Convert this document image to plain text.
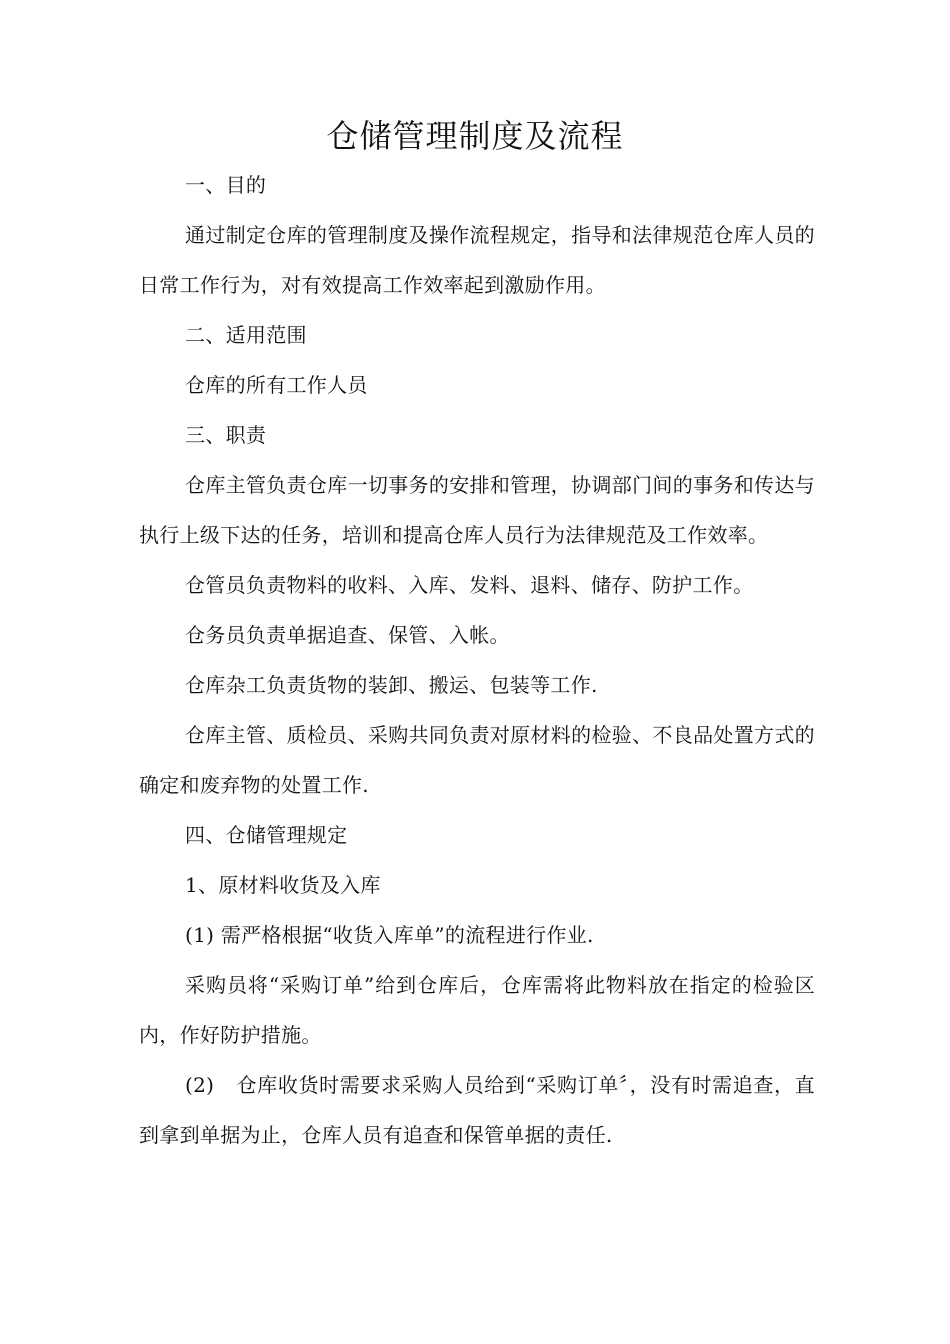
仓储管理制度及流程

一、目的

通过制定仓库的管理制度及操作流程规定，指导和法律规范仓库人员的日常工作行为，对有效提高工作效率起到激励作用。

二、适用范围

仓库的所有工作人员

三、职责

仓库主管负责仓库一切事务的安排和管理，协调部门间的事务和传达与执行上级下达的任务，培训和提高仓库人员行为法律规范及工作效率。

仓管员负责物料的收料、入库、发料、退料、储存、防护工作。

仓务员负责单据追查、保管、入帐。

仓库杂工负责货物的装卸、搬运、包装等工作.

仓库主管、质检员、采购共同负责对原材料的检验、不良品处置方式的确定和废弃物的处置工作.

四、仓储管理规定

1、原材料收货及入库

(1) 需严格根据“收货入库单”的流程进行作业.

采购员将“采购订单”给到仓库后，仓库需将此物料放在指定的检验区内，作好防护措施。

(2) 仓库收货时需要求采购人员给到“采购订单〞，没有时需追查，直到拿到单据为止，仓库人员有追查和保管单据的责任.
